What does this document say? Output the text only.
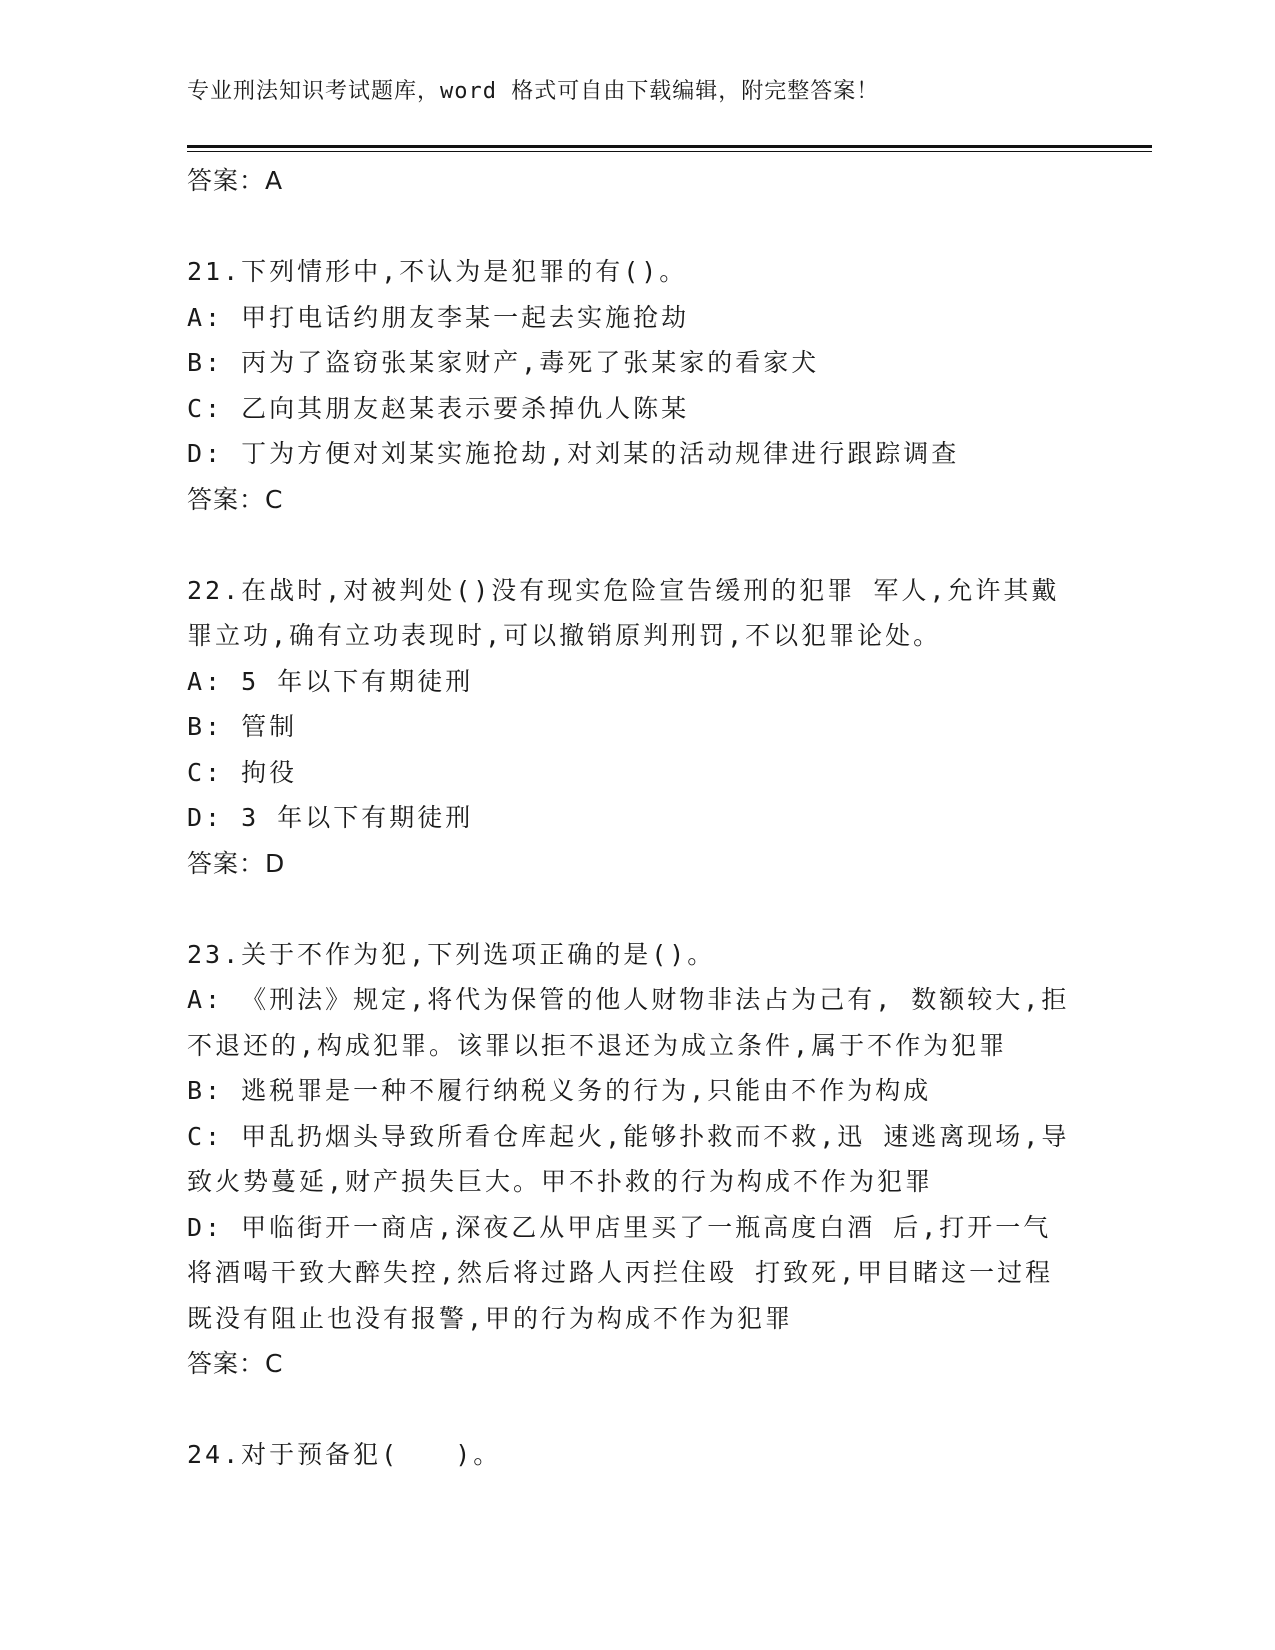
专业刑法知识考试题库，word 格式可自由下载编辑，附完整答案！
答案：A
21.下列情形中,不认为是犯罪的有()。
A: 甲打电话约朋友李某一起去实施抢劫
B: 丙为了盗窃张某家财产,毒死了张某家的看家犬
C: 乙向其朋友赵某表示要杀掉仇人陈某
D: 丁为方便对刘某实施抢劫,对刘某的活动规律进行跟踪调查
答案：C
22.在战时,对被判处()没有现实危险宣告缓刑的犯罪 军人,允许其戴
罪立功,确有立功表现时,可以撤销原判刑罚,不以犯罪论处。
A: 5 年以下有期徒刑
B: 管制
C: 拘役
D: 3 年以下有期徒刑
答案：D
23.关于不作为犯,下列选项正确的是()。
A: 《刑法》规定,将代为保管的他人财物非法占为己有, 数额较大,拒
不退还的,构成犯罪。该罪以拒不退还为成立条件,属于不作为犯罪
B: 逃税罪是一种不履行纳税义务的行为,只能由不作为构成
C: 甲乱扔烟头导致所看仓库起火,能够扑救而不救,迅 速逃离现场,导
致火势蔓延,财产损失巨大。甲不扑救的行为构成不作为犯罪
D: 甲临街开一商店,深夜乙从甲店里买了一瓶高度白酒 后,打开一气
将酒喝干致大醉失控,然后将过路人丙拦住殴 打致死,甲目睹这一过程
既没有阻止也没有报警,甲的行为构成不作为犯罪
答案：C
24.对于预备犯(　　)。
